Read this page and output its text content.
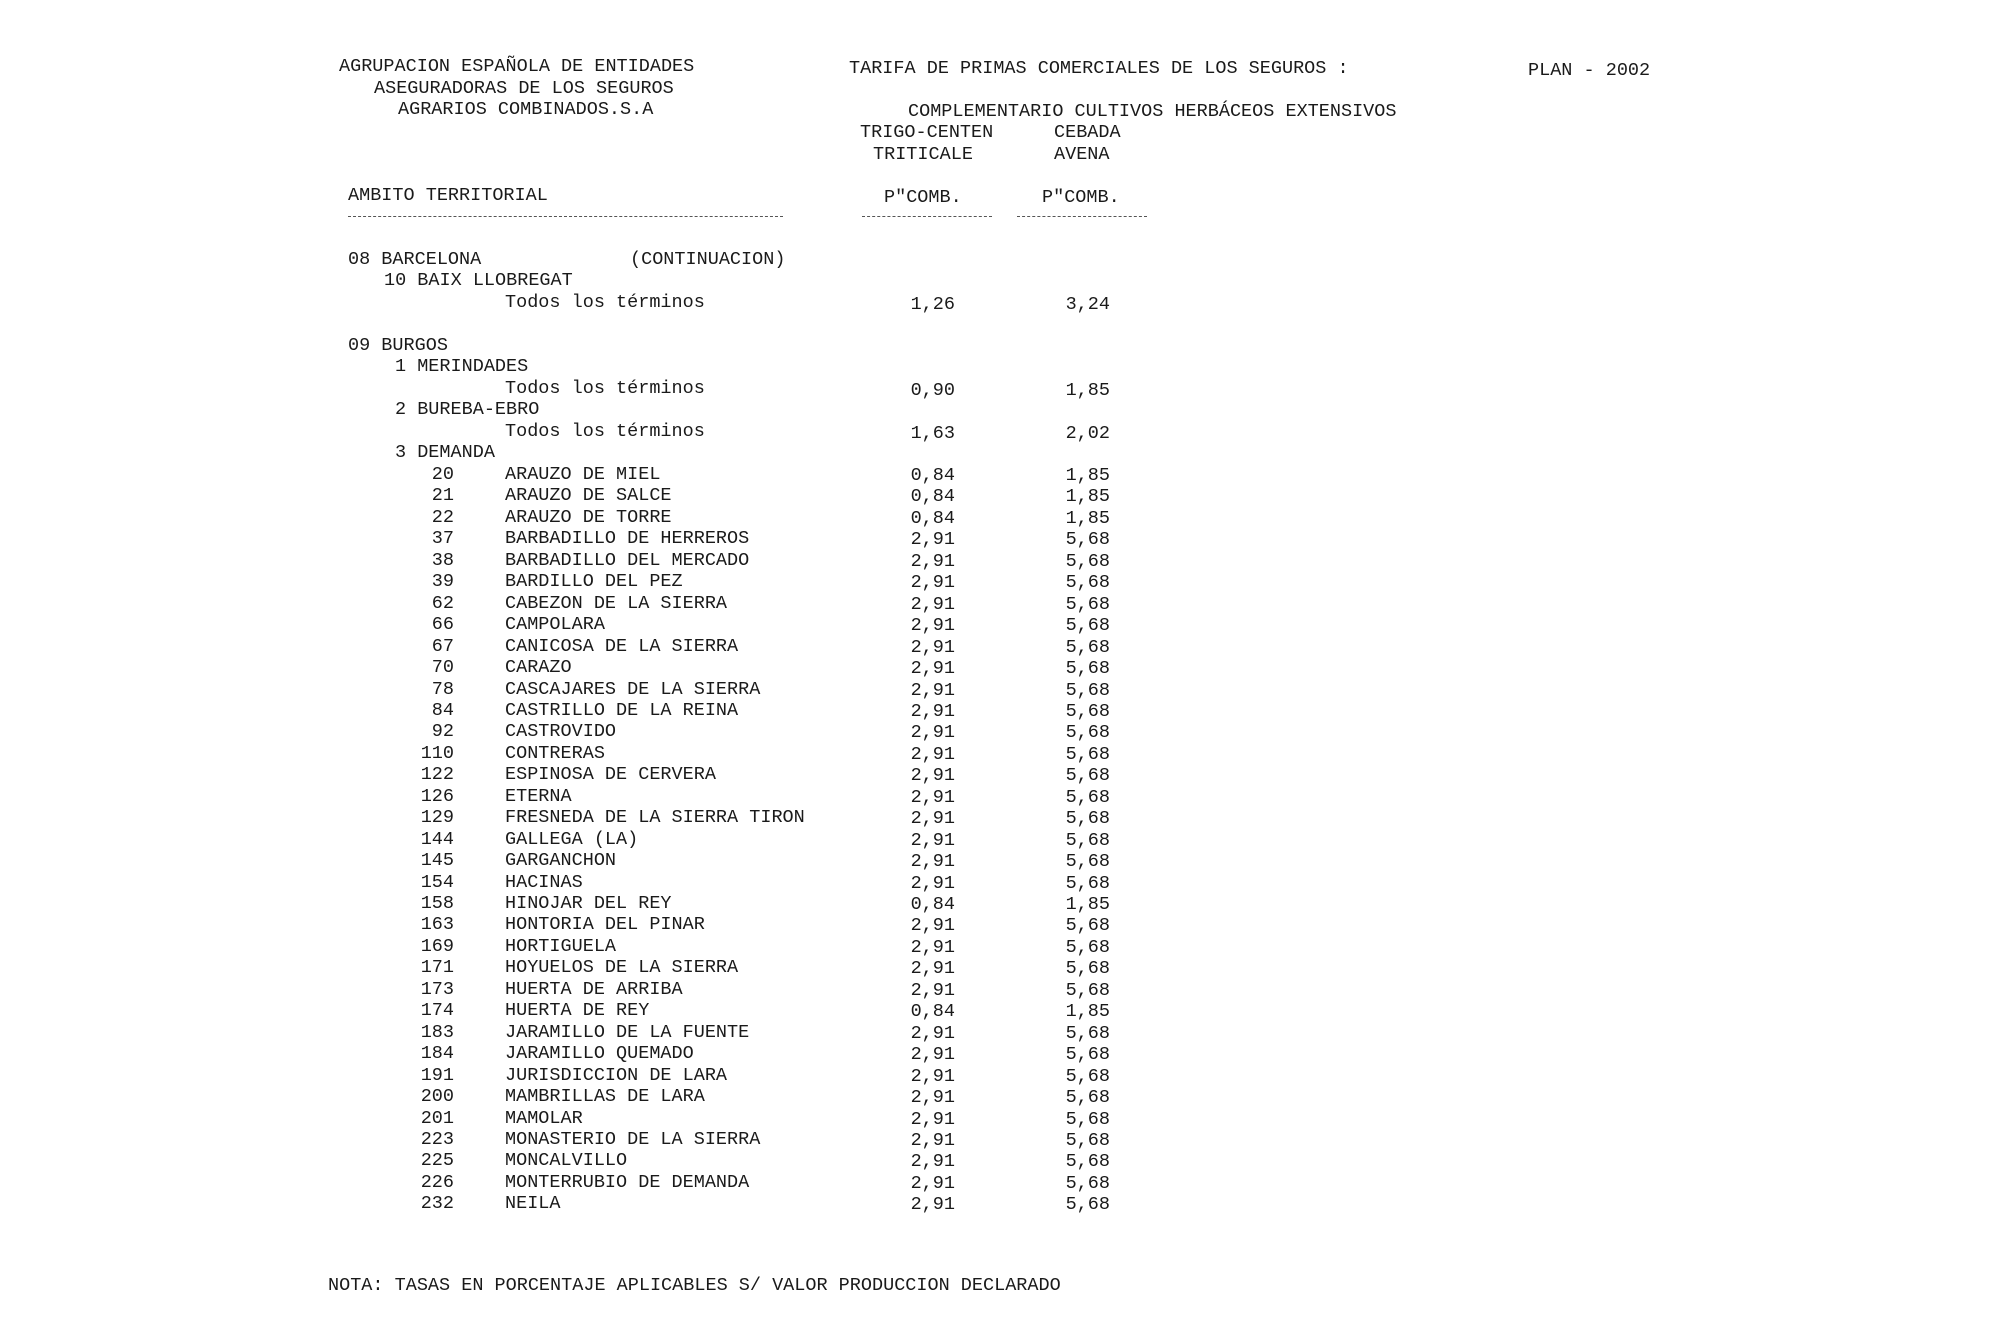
AGRUPACION ESPAÑOLA DE ENTIDADES
ASEGURADORAS DE LOS SEGUROS
AGRARIOS COMBINADOS.S.A
TARIFA DE PRIMAS COMERCIALES DE LOS SEGUROS :	PLAN - 2002
COMPLEMENTARIO CULTIVOS HERBÁCEOS EXTENSIVOS
TRIGO-CENTEN
TRITICALE
CEBADA
AVENA
AMBITO TERRITORIAL	P"COMB.	P"COMB.
08 BARCELONA	(CONTINUACION)
10 BAIX LLOBREGAT
Todos los términos	1,26	3,24
09 BURGOS
1 MERINDADES
Todos los términos	0,90	1,85
2 BUREBA-EBRO
Todos los términos	1,63	2,02
3 DEMANDA
20	ARAUZO DE MIEL	0,84	1,85
21	ARAUZO DE SALCE	0,84	1,85
22	ARAUZO DE TORRE	0,84	1,85
37	BARBADILLO DE HERREROS	2,91	5,68
38	BARBADILLO DEL MERCADO	2,91	5,68
39	BARDILLO DEL PEZ	2,91	5,68
62	CABEZON DE LA SIERRA	2,91	5,68
66	CAMPOLARA	2,91	5,68
67	CANICOSA DE LA SIERRA	2,91	5,68
70	CARAZO	2,91	5,68
78	CASCAJARES DE LA SIERRA	2,91	5,68
84	CASTRILLO DE LA REINA	2,91	5,68
92	CASTROVIDO	2,91	5,68
110	CONTRERAS	2,91	5,68
122	ESPINOSA DE CERVERA	2,91	5,68
126	ETERNA	2,91	5,68
129	FRESNEDA DE LA SIERRA TIRON	2,91	5,68
144	GALLEGA (LA)	2,91	5,68
145	GARGANCHON	2,91	5,68
154	HACINAS	2,91	5,68
158	HINOJAR DEL REY	0,84	1,85
163	HONTORIA DEL PINAR	2,91	5,68
169	HORTIGUELA	2,91	5,68
171	HOYUELOS DE LA SIERRA	2,91	5,68
173	HUERTA DE ARRIBA	2,91	5,68
174	HUERTA DE REY	0,84	1,85
183	JARAMILLO DE LA FUENTE	2,91	5,68
184	JARAMILLO QUEMADO	2,91	5,68
191	JURISDICCION DE LARA	2,91	5,68
200	MAMBRILLAS DE LARA	2,91	5,68
201	MAMOLAR	2,91	5,68
223	MONASTERIO DE LA SIERRA	2,91	5,68
225	MONCALVILLO	2,91	5,68
226	MONTERRUBIO DE DEMANDA	2,91	5,68
232	NEILA	2,91	5,68
NOTA: TASAS EN PORCENTAJE APLICABLES S/ VALOR PRODUCCION DECLARADO
